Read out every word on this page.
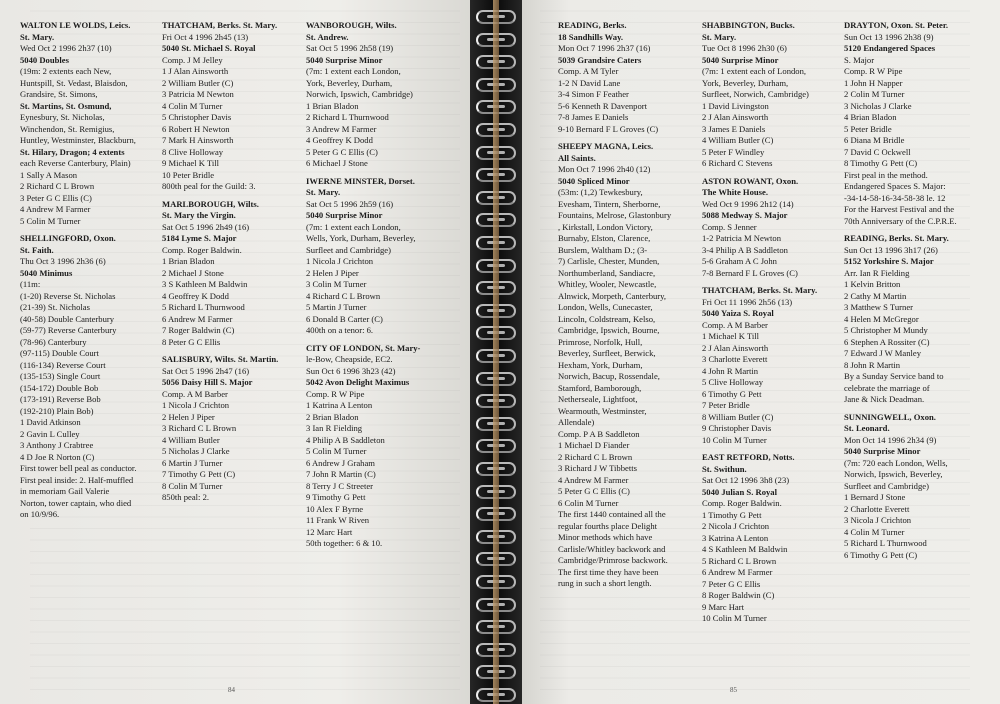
WALTON LE WOLDS, Leics.
St. Mary.
Wed Oct 2 1996 2h37 (10)
5040 Doubles
(19m: 2 extents each New,
Huntspill, St. Vedast, Blaisdon,
Grandsire, St. Simons,
St. Martins, St. Osmund,
Eynesbury, St. Nicholas,
Winchendon, St. Remigius,
Huntley, Westminster, Blackburn,
St. Hilary, Dragon; 4 extents
each Reverse Canterbury, Plain)
1 Sally A Mason
2 Richard C L Brown
3 Peter G C Ellis (C)
4 Andrew M Farmer
5 Colin M Turner
SHELLINGFORD, Oxon.
St. Faith.
Thu Oct 3 1996 2h36 (6)
5040 Minimus
(11m:
(1-20) Reverse St. Nicholas
(21-39) St. Nicholas
(40-58) Double Canterbury
(59-77) Reverse Canterbury
(78-96) Canterbury
(97-115) Double Court
(116-134) Reverse Court
(135-153) Single Court
(154-172) Double Bob
(173-191) Reverse Bob
(192-210) Plain Bob)
1 David Atkinson
2 Gavin L Culley
3 Anthony J Crabtree
4 D Joe R Norton (C)
First tower bell peal as conductor.
First peal inside: 2. Half-muffled
in memoriam Gail Valerie
Norton, tower captain, who died
on 10/9/96.
THATCHAM, Berks. St. Mary.
Fri Oct 4 1996 2h45 (13)
5040 St. Michael S. Royal
Comp. J M Jelley
1 J Alan Ainsworth
2 William Butler (C)
3 Patricia M Newton
4 Colin M Turner
5 Christopher Davis
6 Robert H Newton
7 Mark H Ainsworth
8 Clive Holloway
9 Michael K Till
10 Peter Bridle
800th peal for the Guild: 3.
MARLBOROUGH, Wilts.
St. Mary the Virgin.
Sat Oct 5 1996 2h49 (16)
5184 Lyme S. Major
Comp. Roger Baldwin.
1 Brian Bladon
2 Michael J Stone
3 S Kathleen M Baldwin
4 Geoffrey K Dodd
5 Richard L Thurnwood
6 Andrew M Farmer
7 Roger Baldwin (C)
8 Peter G C Ellis
SALISBURY, Wilts. St. Martin.
Sat Oct 5 1996 2h47 (16)
5056 Daisy Hill S. Major
Comp. A M Barber
1 Nicola J Crichton
2 Helen J Piper
3 Richard C L Brown
4 William Butler
5 Nicholas J Clarke
6 Martin J Turner
7 Timothy G Pett (C)
8 Colin M Turner
850th peal: 2.
WANBOROUGH, Wilts.
St. Andrew.
Sat Oct 5 1996 2h58 (19)
5040 Surprise Minor
(7m: 1 extent each London,
York, Beverley, Durham,
Norwich, Ipswich, Cambridge)
1 Brian Bladon
2 Richard L Thurnwood
3 Andrew M Farmer
4 Geoffrey K Dodd
5 Peter G C Ellis (C)
6 Michael J Stone
IWERNE MINSTER, Dorset.
St. Mary.
Sat Oct 5 1996 2h59 (16)
5040 Surprise Minor
(7m: 1 extent each London,
Wells, York, Durham, Beverley,
Surfleet and Cambridge)
1 Nicola J Crichton
2 Helen J Piper
3 Colin M Turner
4 Richard C L Brown
5 Martin J Turner
6 Donald B Carter (C)
400th on a tenor: 6.
CITY OF LONDON, St. Mary-
le-Bow, Cheapside, EC2.
Sun Oct 6 1996 3h23 (42)
5042 Avon Delight Maximus
Comp. R W Pipe
1 Katrina A Lenton
2 Brian Bladon
3 Ian R Fielding
4 Philip A B Saddleton
5 Colin M Turner
6 Andrew J Graham
7 John R Martin (C)
8 Terry J C Streeter
9 Timothy G Pett
10 Alex F Byrne
11 Frank W Riven
12 Marc Hart
50th together: 6 & 10.
84
READING, Berks.
18 Sandhills Way.
Mon Oct 7 1996 2h37 (16)
5039 Grandsire Caters
Comp. A M Tyler
1-2 N David Lane
3-4 Simon F Feather
5-6 Kenneth R Davenport
7-8 James E Daniels
9-10 Bernard F L Groves (C)
SHEEPY MAGNA, Leics.
All Saints.
Mon Oct 7 1996 2h40 (12)
5040 Spliced Minor
(53m: (1,2) Tewkesbury,
Evesham, Tintern, Sherborne,
Fountains, Melrose, Glastonbury
, Kirkstall, London Victory,
Burnaby, Elston, Clarence,
Burslem, Waltham D.; (3-
7) Carlisle, Chester, Munden,
Northumberland, Sandiacre,
Whitley, Wooler, Newcastle,
Alnwick, Morpeth, Canterbury,
London, Wells, Cunecaster,
Lincoln, Coldstream, Kelso,
Cambridge, Ipswich, Bourne,
Primrose, Norfolk, Hull,
Beverley, Surfleet, Berwick,
Hexham, York, Durham,
Norwich, Bacup, Rossendale,
Stamford, Bamborough,
Netherseale, Lightfoot,
Wearmouth, Westminster,
Allendale)
Comp. P A B Saddleton
1 Michael D Fiander
2 Richard C L Brown
3 Richard J W Tibbetts
4 Andrew M Farmer
5 Peter G C Ellis (C)
6 Colin M Turner
The first 1440 contained all the
regular fourths place Delight
Minor methods which have
Carlisle/Whitley backwork and
Cambridge/Primrose backwork.
The first time they have been
rung in such a short length.
SHABBINGTON, Bucks.
St. Mary.
Tue Oct 8 1996 2h30 (6)
5040 Surprise Minor
(7m: 1 extent each of London,
York, Beverley, Durham,
Surfleet, Norwich, Cambridge)
1 David Livingston
2 J Alan Ainsworth
3 James E Daniels
4 William Butler (C)
5 Peter F Windley
6 Richard C Stevens
ASTON ROWANT, Oxon.
The White House.
Wed Oct 9 1996 2h12 (14)
5088 Medway S. Major
Comp. S Jenner
1-2 Patricia M Newton
3-4 Philip A B Saddleton
5-6 Graham A C John
7-8 Bernard F L Groves (C)
THATCHAM, Berks. St. Mary.
Fri Oct 11 1996 2h56 (13)
5040 Yaiza S. Royal
Comp. A M Barber
1 Michael K Till
2 J Alan Ainsworth
3 Charlotte Everett
4 John R Martin
5 Clive Holloway
6 Timothy G Pett
7 Peter Bridle
8 William Butler (C)
9 Christopher Davis
10 Colin M Turner
EAST RETFORD, Notts.
St. Swithun.
Sat Oct 12 1996 3h8 (23)
5040 Julian S. Royal
Comp. Roger Baldwin.
1 Timothy G Pett
2 Nicola J Crichton
3 Katrina A Lenton
4 S Kathleen M Baldwin
5 Richard C L Brown
6 Andrew M Farmer
7 Peter G C Ellis
8 Roger Baldwin (C)
9 Marc Hart
10 Colin M Turner
DRAYTON, Oxon. St. Peter.
Sun Oct 13 1996 2h38 (9)
5120 Endangered Spaces
S. Major
Comp. R W Pipe
1 John H Napper
2 Colin M Turner
3 Nicholas J Clarke
4 Brian Bladon
5 Peter Bridle
6 Diana M Bridle
7 David C Ockwell
8 Timothy G Pett (C)
First peal in the method.
Endangered Spaces S. Major:
-34-14-58-16-34-58-38 le. 12
For the Harvest Festival and the
70th Anniversary of the C.P.R.E.
READING, Berks. St. Mary.
Sun Oct 13 1996 3h17 (26)
5152 Yorkshire S. Major
Arr. Ian R Fielding
1 Kelvin Britton
2 Cathy M Martin
3 Matthew S Turner
4 Helen M McGregor
5 Christopher M Mundy
6 Stephen A Rossiter (C)
7 Edward J W Manley
8 John R Martin
By a Sunday Service band to
celebrate the marriage of
Jane & Nick Deadman.
SUNNINGWELL, Oxon.
St. Leonard.
Mon Oct 14 1996 2h34 (9)
5040 Surprise Minor
(7m: 720 each London, Wells,
Norwich, Ipswich, Beverley,
Surfleet and Cambridge)
1 Bernard J Stone
2 Charlotte Everett
3 Nicola J Crichton
4 Colin M Turner
5 Richard L Thurnwood
6 Timothy G Pett (C)
85
